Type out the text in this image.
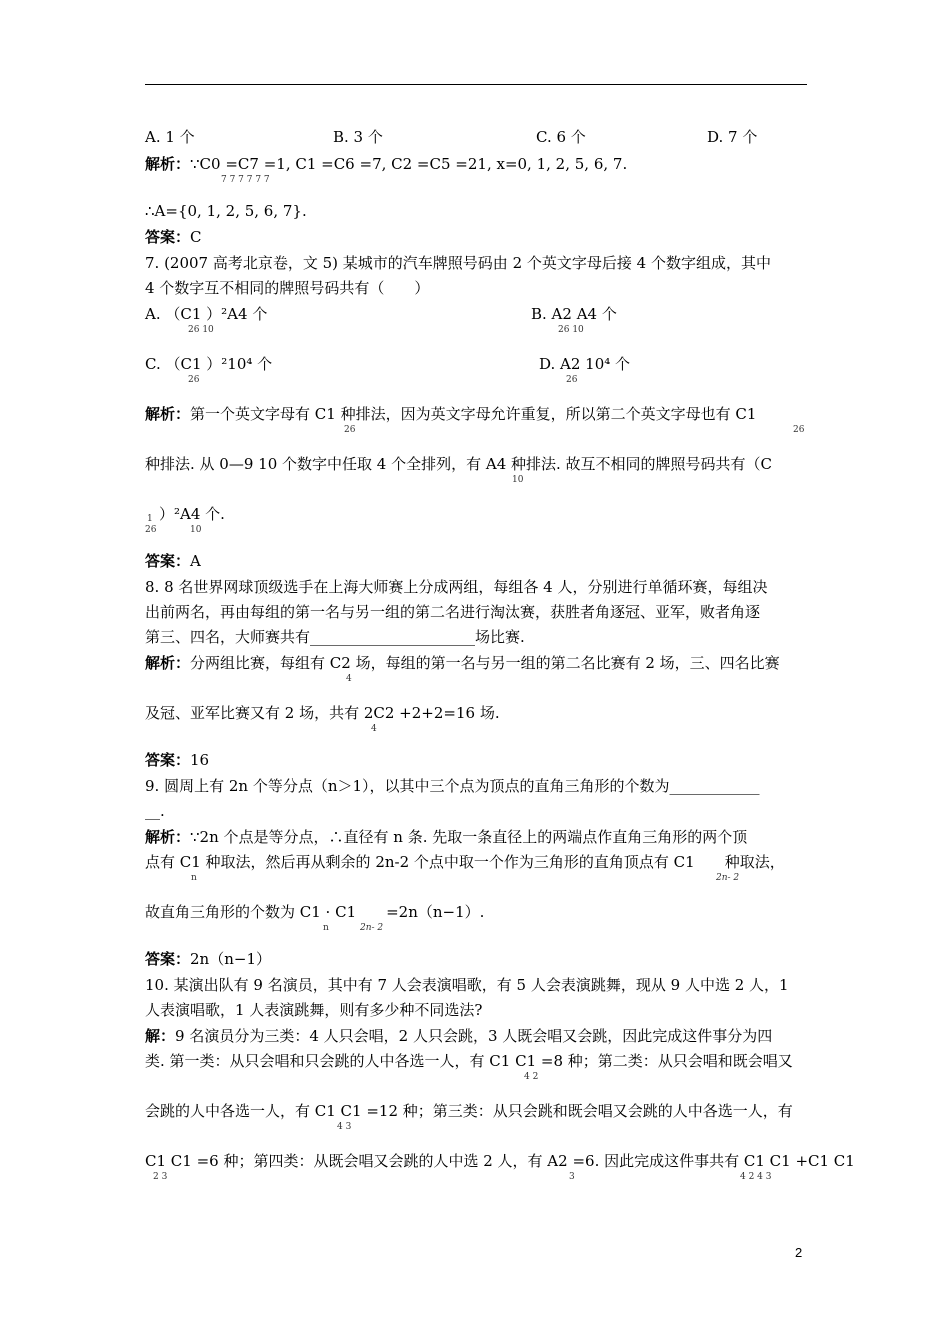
A. 1 个	B. 3 个	C. 6 个	D. 7 个
解析：∵C0 =C7 =1, C1 =C6 =7, C2 =C5 =21, x=0, 1, 2, 5, 6, 7.
7 7 7 7 7 7
∴A={0, 1, 2, 5, 6, 7}.
答案：C
7. (2007 高考北京卷，文 5) 某城市的汽车牌照号码由 2 个英文字母后接 4 个数字组成，其中
4 个数字互不相同的牌照号码共有（　　）
A. （C1 ）²A4 个
26 10
B. A2 A4 个
26 10
C. （C1 ）²10⁴ 个
26
D. A2 10⁴ 个
26
解析：第一个英文字母有 C1 种排法，因为英文字母允许重复，所以第二个英文字母也有 C1
26	26
种排法. 从 0—9 10 个数字中任取 4 个全排列，有 A4 种排法. 故互不相同的牌照号码共有（C
10
）²A4 个.
1
26	10
答案：A
8. 8 名世界网球顶级选手在上海大师赛上分成两组，每组各 4 人，分别进行单循环赛，每组决
出前两名，再由每组的第一名与另一组的第二名进行淘汰赛，获胜者角逐冠、亚军，败者角逐
第三、四名，大师赛共有______________________场比赛.
解析：分两组比赛，每组有 C2 场，每组的第一名与另一组的第二名比赛有 2 场，三、四名比赛
4
及冠、亚军比赛又有 2 场，共有 2C2 +2+2=16 场.
4
答案：16
9. 圆周上有 2n 个等分点（n＞1），以其中三个点为顶点的直角三角形的个数为____________
__.
解析：∵2n 个点是等分点，∴直径有 n 条. 先取一条直径上的两端点作直角三角形的两个顶
点有 C1 种取法，然后再从剩余的 2n-2 个点中取一个作为三角形的直角顶点有 C1　　种取法，
n	2n- 2
故直角三角形的个数为 C1 · C1　　=2n（n−1）.
n	2n- 2
答案：2n（n−1）
10. 某演出队有 9 名演员，其中有 7 人会表演唱歌，有 5 人会表演跳舞，现从 9 人中选 2 人，1
人表演唱歌，1 人表演跳舞，则有多少种不同选法?
解：9 名演员分为三类：4 人只会唱，2 人只会跳，3 人既会唱又会跳，因此完成这件事分为四
类. 第一类：从只会唱和只会跳的人中各选一人，有 C1 C1 =8 种；第二类：从只会唱和既会唱又
4 2
会跳的人中各选一人，有 C1 C1 =12 种；第三类：从只会跳和既会唱又会跳的人中各选一人，有
4 3
C1 C1 =6 种；第四类：从既会唱又会跳的人中选 2 人，有 A2 =6. 因此完成这件事共有 C1 C1 +C1 C1
2 3	3	4 2 4 3
2
